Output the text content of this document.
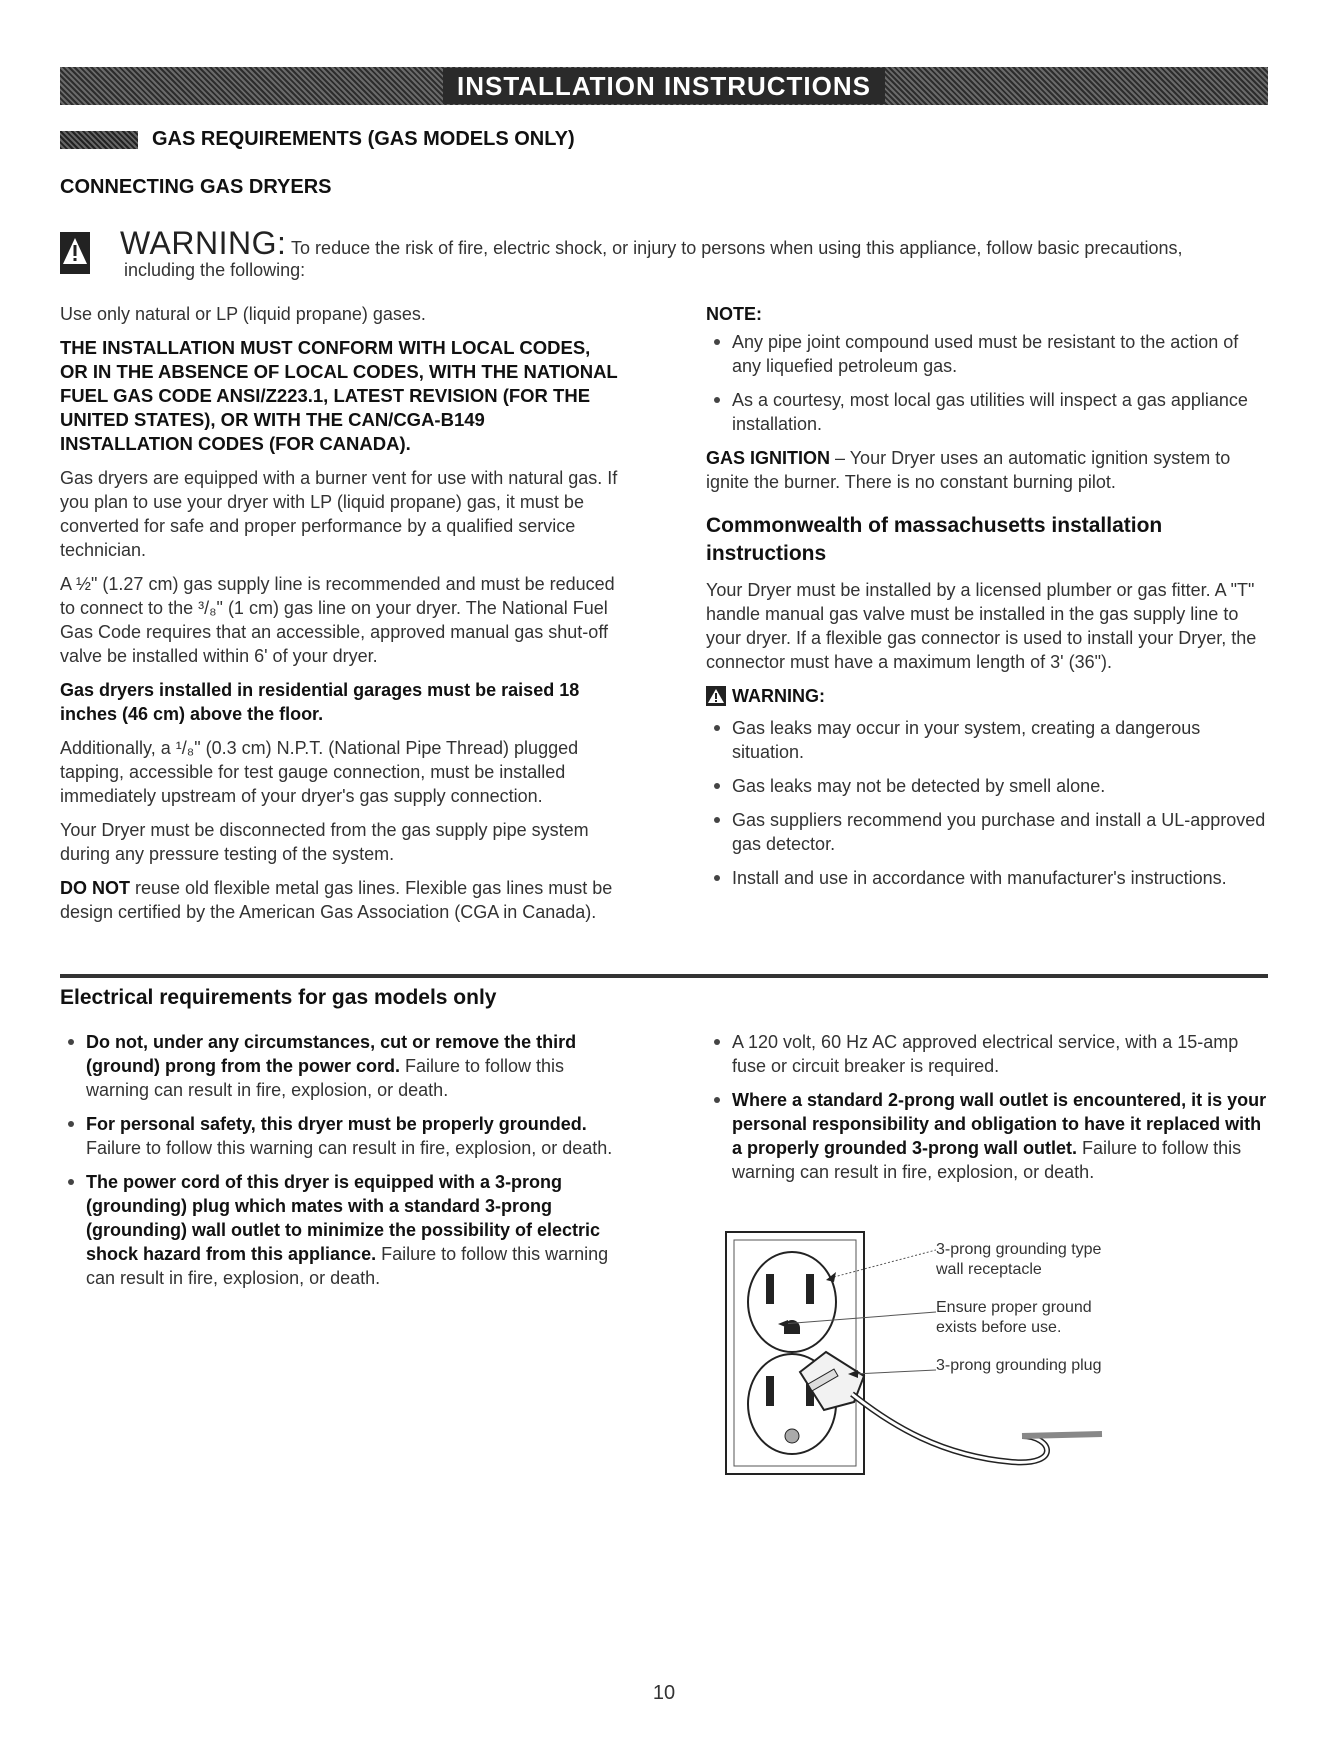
INSTALLATION INSTRUCTIONS
GAS REQUIREMENTS (GAS MODELS ONLY)
CONNECTING GAS DRYERS
WARNING: To reduce the risk of fire, electric shock, or injury to persons when using this appliance, follow basic precautions,
including the following:

Use only natural or LP (liquid propane) gases.

THE INSTALLATION MUST CONFORM WITH LOCAL CODES, OR IN THE ABSENCE OF LOCAL CODES, WITH THE NATIONAL FUEL GAS CODE ANSI/Z223.1, LATEST REVISION (FOR THE UNITED STATES), OR WITH THE CAN/CGA-B149 INSTALLATION CODES (FOR CANADA).

Gas dryers are equipped with a burner vent for use with natural gas. If you plan to use your dryer with LP (liquid propane) gas, it must be converted for safe and proper performance by a qualified service technician.

A ½" (1.27 cm) gas supply line is recommended and must be reduced to connect to the ³/₈" (1 cm) gas line on your dryer. The National Fuel Gas Code requires that an accessible, approved manual gas shut-off valve be installed within 6' of your dryer.

Gas dryers installed in residential garages must be raised 18 inches (46 cm) above the floor.

Additionally, a ¹/₈" (0.3 cm) N.P.T. (National Pipe Thread) plugged tapping, accessible for test gauge connection, must be installed immediately upstream of your dryer's gas supply connection.

Your Dryer must be disconnected from the gas supply pipe system during any pressure testing of the system.

DO NOT reuse old flexible metal gas lines. Flexible gas lines must be design certified by the American Gas Association (CGA in Canada).

NOTE:
Any pipe joint compound used must be resistant to the action of any liquefied petroleum gas.
As a courtesy, most local gas utilities will inspect a gas appliance installation.

GAS IGNITION – Your Dryer uses an automatic ignition system to ignite the burner. There is no constant burning pilot.

Commonwealth of massachusetts installation instructions

Your Dryer must be installed by a licensed plumber or gas fitter. A "T" handle manual gas valve must be installed in the gas supply line to your dryer. If a flexible gas connector is used to install your Dryer, the connector must have a maximum length of 3' (36").

WARNING:
Gas leaks may occur in your system, creating a dangerous situation.
Gas leaks may not be detected by smell alone.
Gas suppliers recommend you purchase and install a UL-approved gas detector.
Install and use in accordance with manufacturer's instructions.
Electrical requirements for gas models only
Do not, under any circumstances, cut or remove the third (ground) prong from the power cord. Failure to follow this warning can result in fire, explosion, or death.
For personal safety, this dryer must be properly grounded. Failure to follow this warning can result in fire, explosion, or death.
The power cord of this dryer is equipped with a 3-prong (grounding) plug which mates with a standard 3-prong (grounding) wall outlet to minimize the possibility of electric shock hazard from this appliance. Failure to follow this warning can result in fire, explosion, or death.
A 120 volt, 60 Hz AC approved electrical service, with a 15-amp fuse or circuit breaker is required.
Where a standard 2-prong wall outlet is encountered, it is your personal responsibility and obligation to have it replaced with a properly grounded 3-prong wall outlet. Failure to follow this warning can result in fire, explosion, or death.
3-prong grounding type
wall receptacle
Ensure proper ground
exists before use.
3-prong grounding plug
10
